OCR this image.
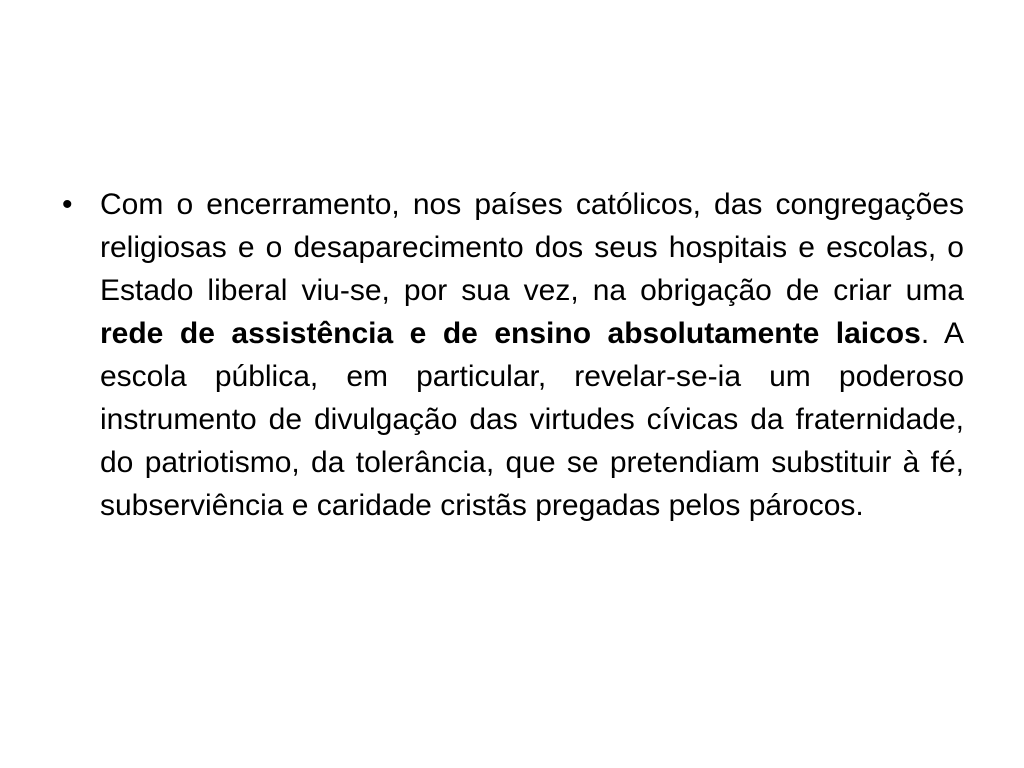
• Com o encerramento, nos países católicos, das congregações religiosas e o desaparecimento dos seus hospitais e escolas, o Estado liberal viu-se, por sua vez, na obrigação de criar uma rede de assistência e de ensino absolutamente laicos. A escola pública, em particular, revelar-se-ia um poderoso instrumento de divulgação das virtudes cívicas da fraternidade, do patriotismo, da tolerância, que se pretendiam substituir à fé, subserviência e caridade cristãs pregadas pelos párocos.
